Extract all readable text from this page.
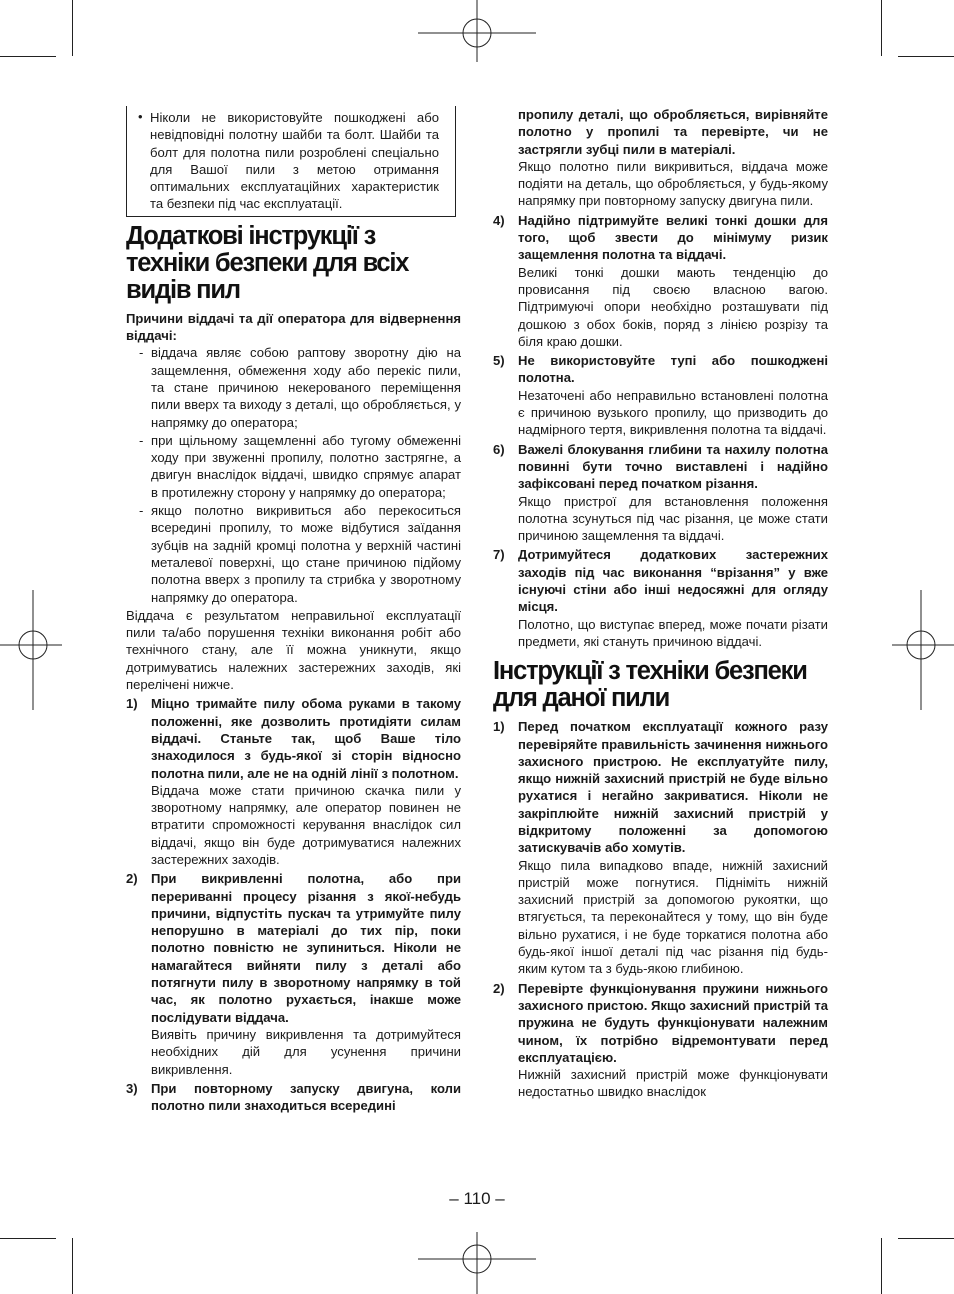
• Ніколи не використовуйте пошкоджені або невідповідні полотну шайби та болт. Шайби та болт для полотна пили розроблені спеціально для Вашої пили з метою отримання оптимальних експлуатаційних характеристик та безпеки під час експлуатації.

Додаткові інструкції з техніки безпеки для всіх видів пил

Причини віддачі та дії оператора для відвернення віддачі:

- віддача являє собою раптову зворотну дію на защемлення, обмеження ходу або перекіс пили, та стане причиною некерованого переміщення пили вверх та виходу з деталі, що обробляється, у напрямку до оператора;

- при щільному защемленні або тугому обмеженні ходу при звуженні пропилу, полотно застрягне, а двигун внаслідок віддачі, швидко спрямує апарат в протилежну сторону у напрямку до оператора;

- якщо полотно викривиться або перекоситься всередині пропилу, то може відбутися заїдання зубців на задній кромці полотна у верхній частині металевої поверхні, що стане причиною підйому полотна вверх з пропилу та стрибка у зворотному напрямку до оператора.

Віддача є результатом неправильної експлуатації пили та/або порушення техніки виконання робіт або технічного стану, але її можна уникнути, якщо дотримуватись належних застережних заходів, які перелічені нижче.

1) Міцно тримайте пилу обома руками в такому положенні, яке дозволить протидіяти силам віддачі. Станьте так, щоб Ваше тіло знаходилося з будь-якої зі сторін відносно полотна пили, але не на одній лінії з полотном.

Віддача може стати причиною скачка пили у зворотному напрямку, але оператор повинен не втратити спроможності керування внаслідок сил віддачі, якщо він буде дотримуватися належних застережних заходів.

2) При викривленні полотна, або при перериванні процесу різання з якої-небудь причини, відпустіть пускач та утримуйте пилу непорушно в матеріалі до тих пір, поки полотно повністю не зупиниться. Ніколи не намагайтеся вийняти пилу з деталі або потягнути пилу в зворотному напрямку в той час, як полотно рухається, інакше може послідувати віддача.

Виявіть причину викривлення та дотримуйтеся необхідних дій для усунення причини викривлення.

3) При повторному запуску двигуна, коли полотно пили знаходиться всередині

пропилу деталі, що обробляється, вирівняйте полотно у пропилі та перевірте, чи не застрягли зубці пили в матеріалі.

Якщо полотно пили викривиться, віддача може подіяти на деталь, що обробляється, у будь-якому напрямку при повторному запуску двигуна пили.

4) Надійно підтримуйте великі тонкі дошки для того, щоб звести до мінімуму ризик защемлення полотна та віддачі.

Великі тонкі дошки мають тенденцію до провисання під своєю власною вагою. Підтримуючі опори необхідно розташувати під дошкою з обох боків, поряд з лінією розрізу та біля краю дошки.

5) Не використовуйте тупі або пошкоджені полотна.

Незаточені або неправильно встановлені полотна є причиною вузького пропилу, що призводить до надмірного тертя, викривлення полотна та віддачі.

6) Важелі блокування глибини та нахилу полотна повинні бути точно виставлені і надійно зафіксовані перед початком різання.

Якщо пристрої для встановлення положення полотна зсунуться під час різання, це може стати причиною защемлення та віддачі.

7) Дотримуйтеся додаткових застережних заходів під час виконання “врізання” у вже існуючі стіни або інші недосяжні для огляду місця.

Полотно, що виступає вперед, може почати різати предмети, які стануть причиною віддачі.

Інструкції з техніки безпеки для даної пили
1) Перед початком експлуатації кожного разу перевіряйте правильність зачинення нижнього захисного пристрою. Не експлуатуйте пилу, якщо нижній захисний пристрій не буде вільно рухатися і негайно закриватися. Ніколи не закріплюйте нижній захисний пристрій у відкритому положенні за допомогою затискувачів або хомутів.

Якщо пила випадково впаде, нижній захисний пристрій може погнутися. Підніміть нижній захисний пристрій за допомогою рукоятки, що втягується, та переконайтеся у тому, що він буде вільно рухатися, і не буде торкатися полотна або будь-якої іншої деталі під час різання під будь-яким кутом та з будь-якою глибиною.

2) Перевірте функціонування пружини нижнього захисного пристою. Якщо захисний пристрій та пружина не будуть функціонувати належним чином, їх потрібно відремонтувати перед експлуатацією.

Нижній захисний пристрій може функціонувати недостатньо швидко внаслідок

– 110 –
